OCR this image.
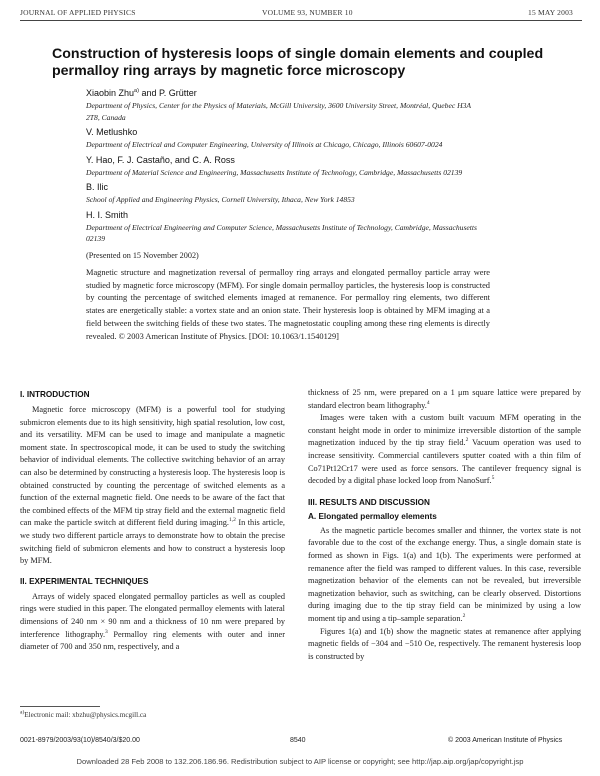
JOURNAL OF APPLIED PHYSICS	VOLUME 93, NUMBER 10	15 MAY 2003
Construction of hysteresis loops of single domain elements and coupled permalloy ring arrays by magnetic force microscopy
Xiaobin Zhu$^{a)}$ and P. Grütter
Department of Physics, Center for the Physics of Materials, McGill University, 3600 University Street, Montréal, Quebec H3A 2T8, Canada
V. Metlushko
Department of Electrical and Computer Engineering, University of Illinois at Chicago, Chicago, Illinois 60607-0024
Y. Hao, F. J. Castaño, and C. A. Ross
Department of Material Science and Engineering, Massachusetts Institute of Technology, Cambridge, Massachusetts 02139
B. Ilic
School of Applied and Engineering Physics, Cornell University, Ithaca, New York 14853
H. I. Smith
Department of Electrical Engineering and Computer Science, Massachusetts Institute of Technology, Cambridge, Massachusetts 02139
(Presented on 15 November 2002)
Magnetic structure and magnetization reversal of permalloy ring arrays and elongated permalloy particle array were studied by magnetic force microscopy (MFM). For single domain permalloy particles, the hysteresis loop is constructed by counting the percentage of switched elements imaged at remanence. For permalloy ring elements, two different states are energetically stable: a vortex state and an onion state. Their hysteresis loop is obtained by MFM imaging at a field between the switching fields of these two states. The magnetostatic coupling among these ring elements is directly revealed. © 2003 American Institute of Physics. [DOI: 10.1063/1.1540129]
I. INTRODUCTION

Magnetic force microscopy (MFM) is a powerful tool for studying submicron elements due to its high sensitivity, high spatial resolution, low cost, and its versatility. MFM can be used to image and manipulate a magnetic moment state. In spectroscopical mode, it can be used to study the switching behavior of individual elements. The collective switching behavior of an array can also be determined by constructing a hysteresis loop. The hysteresis loop is obtained constructed by counting the percentage of switched elements as a function of the external magnetic field. One needs to be aware of the fact that the combined effects of the MFM tip stray field and the external magnetic field can make the particle switch at different field during imaging.$^{1,2}$ In this article, we study two different particle arrays to demonstrate how to obtain the precise switching field of submicron elements and how to construct a hysteresis loop by MFM.

II. EXPERIMENTAL TECHNIQUES

Arrays of widely spaced elongated permalloy particles as well as coupled rings were studied in this paper. The elongated permalloy elements with lateral dimensions of 240 nm × 90 nm and a thickness of 10 nm were prepared by interference lithography.$^3$ Permalloy ring elements with outer and inner diameter of 700 and 350 nm, respectively, and a

$^{a)}$Electronic mail: xbzhu@physics.mcgill.ca

thickness of 25 nm, were prepared on a 1 μm square lattice were prepared by standard electron beam lithography.$^4$

Images were taken with a custom built vacuum MFM operating in the constant height mode in order to minimize irreversible distortion of the sample magnetization induced by the tip stray field.$^2$ Vacuum operation was used to increase sensitivity. Commercial cantilevers sputter coated with a thin film of Co71Pt12Cr17 were used as force sensors. The cantilever frequency signal is decoded by a digital phase locked loop from NanoSurf.$^5$

III. RESULTS AND DISCUSSION
A. Elongated permalloy elements

As the magnetic particle becomes smaller and thinner, the vortex state is not favorable due to the cost of the exchange energy. Thus, a single domain state is formed as shown in Figs. 1(a) and 1(b). The experiments were performed at remanence after the field was ramped to different values. In this case, reversible magnetization behavior of the elements can not be revealed, but irreversible magnetization behavior, such as switching, can be clearly observed. Distortions during imaging due to the tip stray field can be minimized by using a low moment tip and using a tip–sample separation.$^2$

Figures 1(a) and 1(b) show the magnetic states at remanence after applying magnetic fields of −304 and −510 Oe, respectively. The remanent hysteresis loop is constructed by

0021-8979/2003/93(10)/8540/3/$20.00	8540	© 2003 American Institute of Physics
Downloaded 28 Feb 2008 to 132.206.186.96. Redistribution subject to AIP license or copyright; see http://jap.aip.org/jap/copyright.jsp
